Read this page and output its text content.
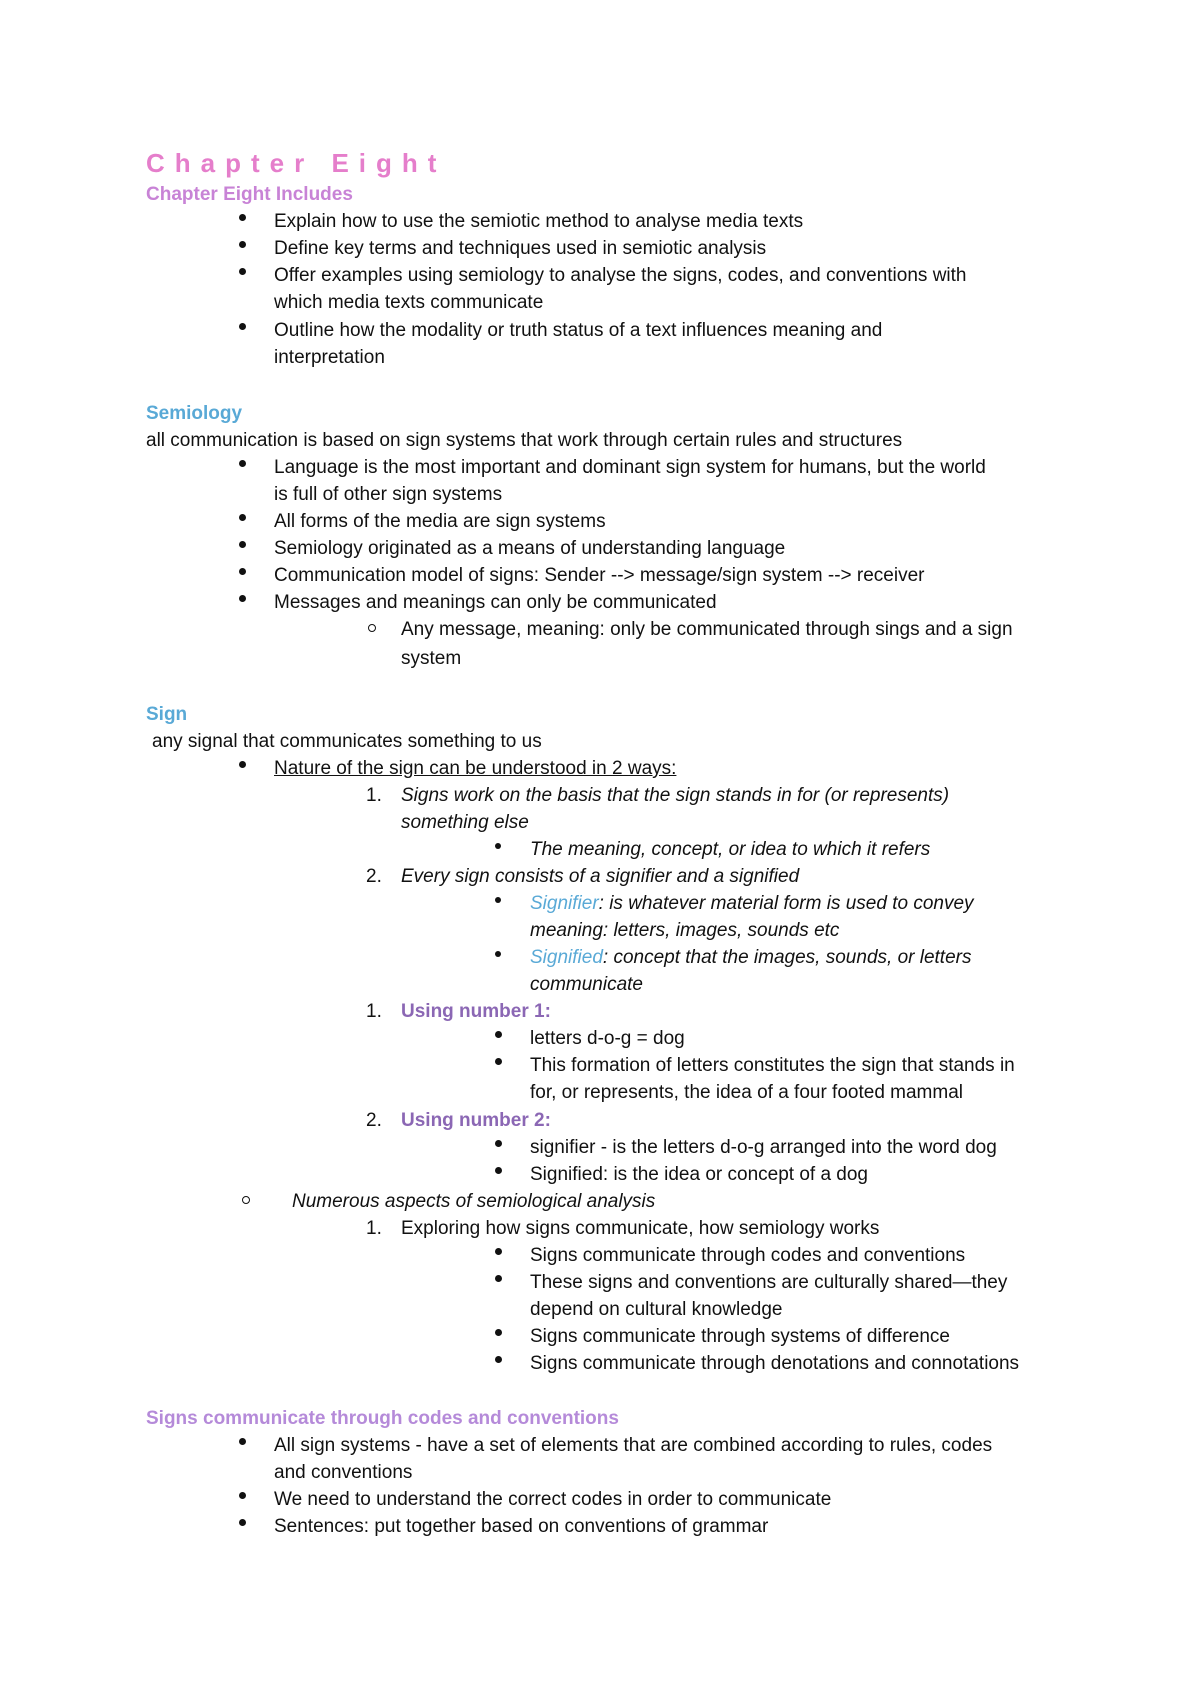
Chapter Eight
Chapter Eight Includes
Explain how to use the semiotic method to analyse media texts
Define key terms and techniques used in semiotic analysis
Offer examples using semiology to analyse the signs, codes, and conventions with
which media texts communicate
Outline how the modality or truth status of a text influences meaning and
interpretation
Semiology
all communication is based on sign systems that work through certain rules and structures
Language is the most important and dominant sign system for humans, but the world
is full of other sign systems
All forms of the media are sign systems
Semiology originated as a means of understanding language
Communication model of signs: Sender --> message/sign system --> receiver
Messages and meanings can only be communicated
Any message, meaning: only be communicated through sings and a sign
system
Sign
any signal that communicates something to us
Nature of the sign can be understood in 2 ways:
1. Signs work on the basis that the sign stands in for (or represents)
something else
The meaning, concept, or idea to which it refers
2. Every sign consists of a signifier and a signified
Signifier: is whatever material form is used to convey
meaning: letters, images, sounds etc
Signified: concept that the images, sounds, or letters
communicate
1. Using number 1:
letters d-o-g = dog
This formation of letters constitutes the sign that stands in
for, or represents, the idea of a four footed mammal
2. Using number 2:
signifier - is the letters d-o-g arranged into the word dog
Signified: is the idea or concept of a dog
Numerous aspects of semiological analysis
1. Exploring how signs communicate, how semiology works
Signs communicate through codes and conventions
These signs and conventions are culturally shared—they
depend on cultural knowledge
Signs communicate through systems of difference
Signs communicate through denotations and connotations
Signs communicate through codes and conventions
All sign systems - have a set of elements that are combined according to rules, codes
and conventions
We need to understand the correct codes in order to communicate
Sentences: put together based on conventions of grammar
